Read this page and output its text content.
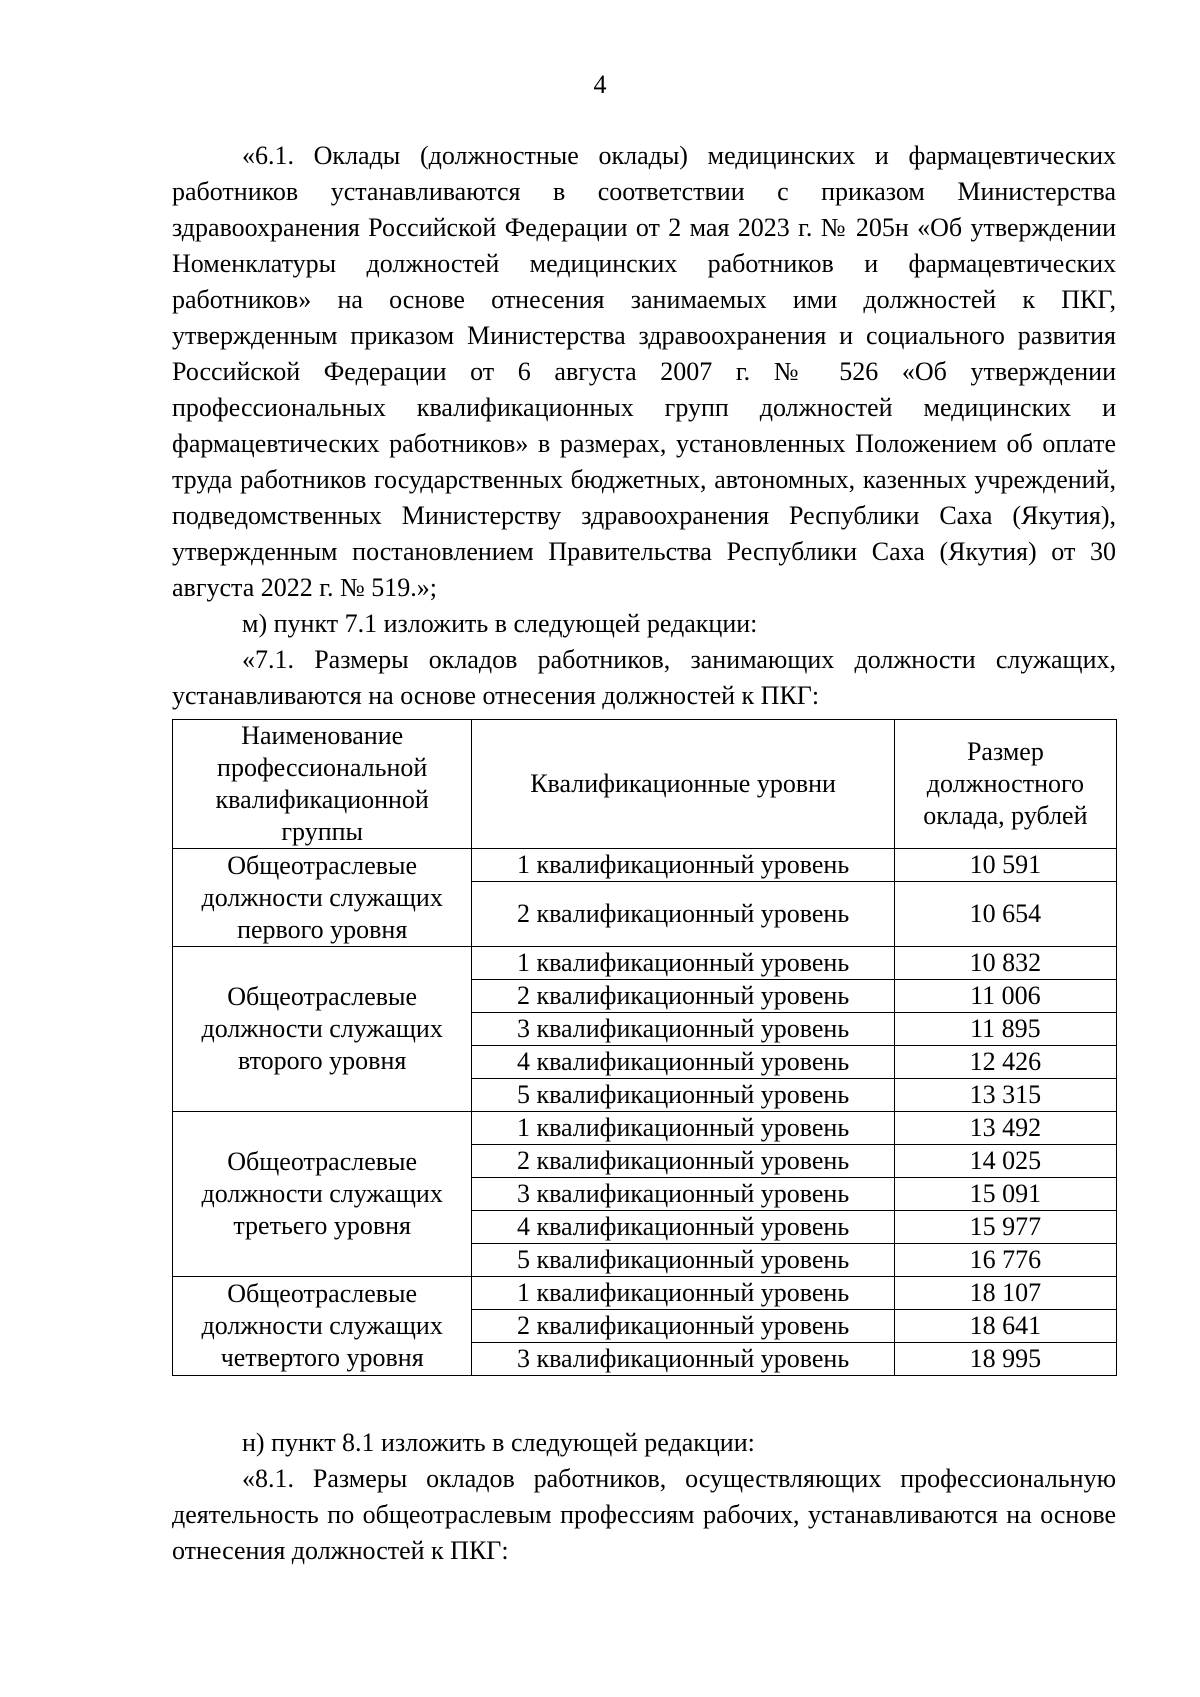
4

«6.1. Оклады (должностные оклады) медицинских и фармацевтических работников устанавливаются в соответствии с приказом Министерства здравоохранения Российской Федерации от 2 мая 2023 г. № 205н «Об утверждении Номенклатуры должностей медицинских работников и фармацевтических работников» на основе отнесения занимаемых ими должностей к ПКГ, утвержденным приказом Министерства здравоохранения и социального развития Российской Федерации от 6 августа 2007 г. № 526 «Об утверждении профессиональных квалификационных групп должностей медицинских и фармацевтических работников» в размерах, установленных Положением об оплате труда работников государственных бюджетных, автономных, казенных учреждений, подведомственных Министерству здравоохранения Республики Саха (Якутия), утвержденным постановлением Правительства Республики Саха (Якутия) от 30 августа 2022 г. № 519.»;

м) пункт 7.1 изложить в следующей редакции:

«7.1. Размеры окладов работников, занимающих должности служащих, устанавливаются на основе отнесения должностей к ПКГ:

Наименование профессиональной квалификационной группы	Квалификационные уровни	Размер должностного оклада, рублей
Общеотраслевые должности служащих первого уровня	1 квалификационный уровень	10 591
	2 квалификационный уровень	10 654
Общеотраслевые должности служащих второго уровня	1 квалификационный уровень	10 832
	2 квалификационный уровень	11 006
	3 квалификационный уровень	11 895
	4 квалификационный уровень	12 426
	5 квалификационный уровень	13 315
Общеотраслевые должности служащих третьего уровня	1 квалификационный уровень	13 492
	2 квалификационный уровень	14 025
	3 квалификационный уровень	15 091
	4 квалификационный уровень	15 977
	5 квалификационный уровень	16 776
Общеотраслевые должности служащих четвертого уровня	1 квалификационный уровень	18 107
	2 квалификационный уровень	18 641
	3 квалификационный уровень	18 995

н) пункт 8.1 изложить в следующей редакции:

«8.1. Размеры окладов работников, осуществляющих профессиональную деятельность по общеотраслевым профессиям рабочих, устанавливаются на основе отнесения должностей к ПКГ:
